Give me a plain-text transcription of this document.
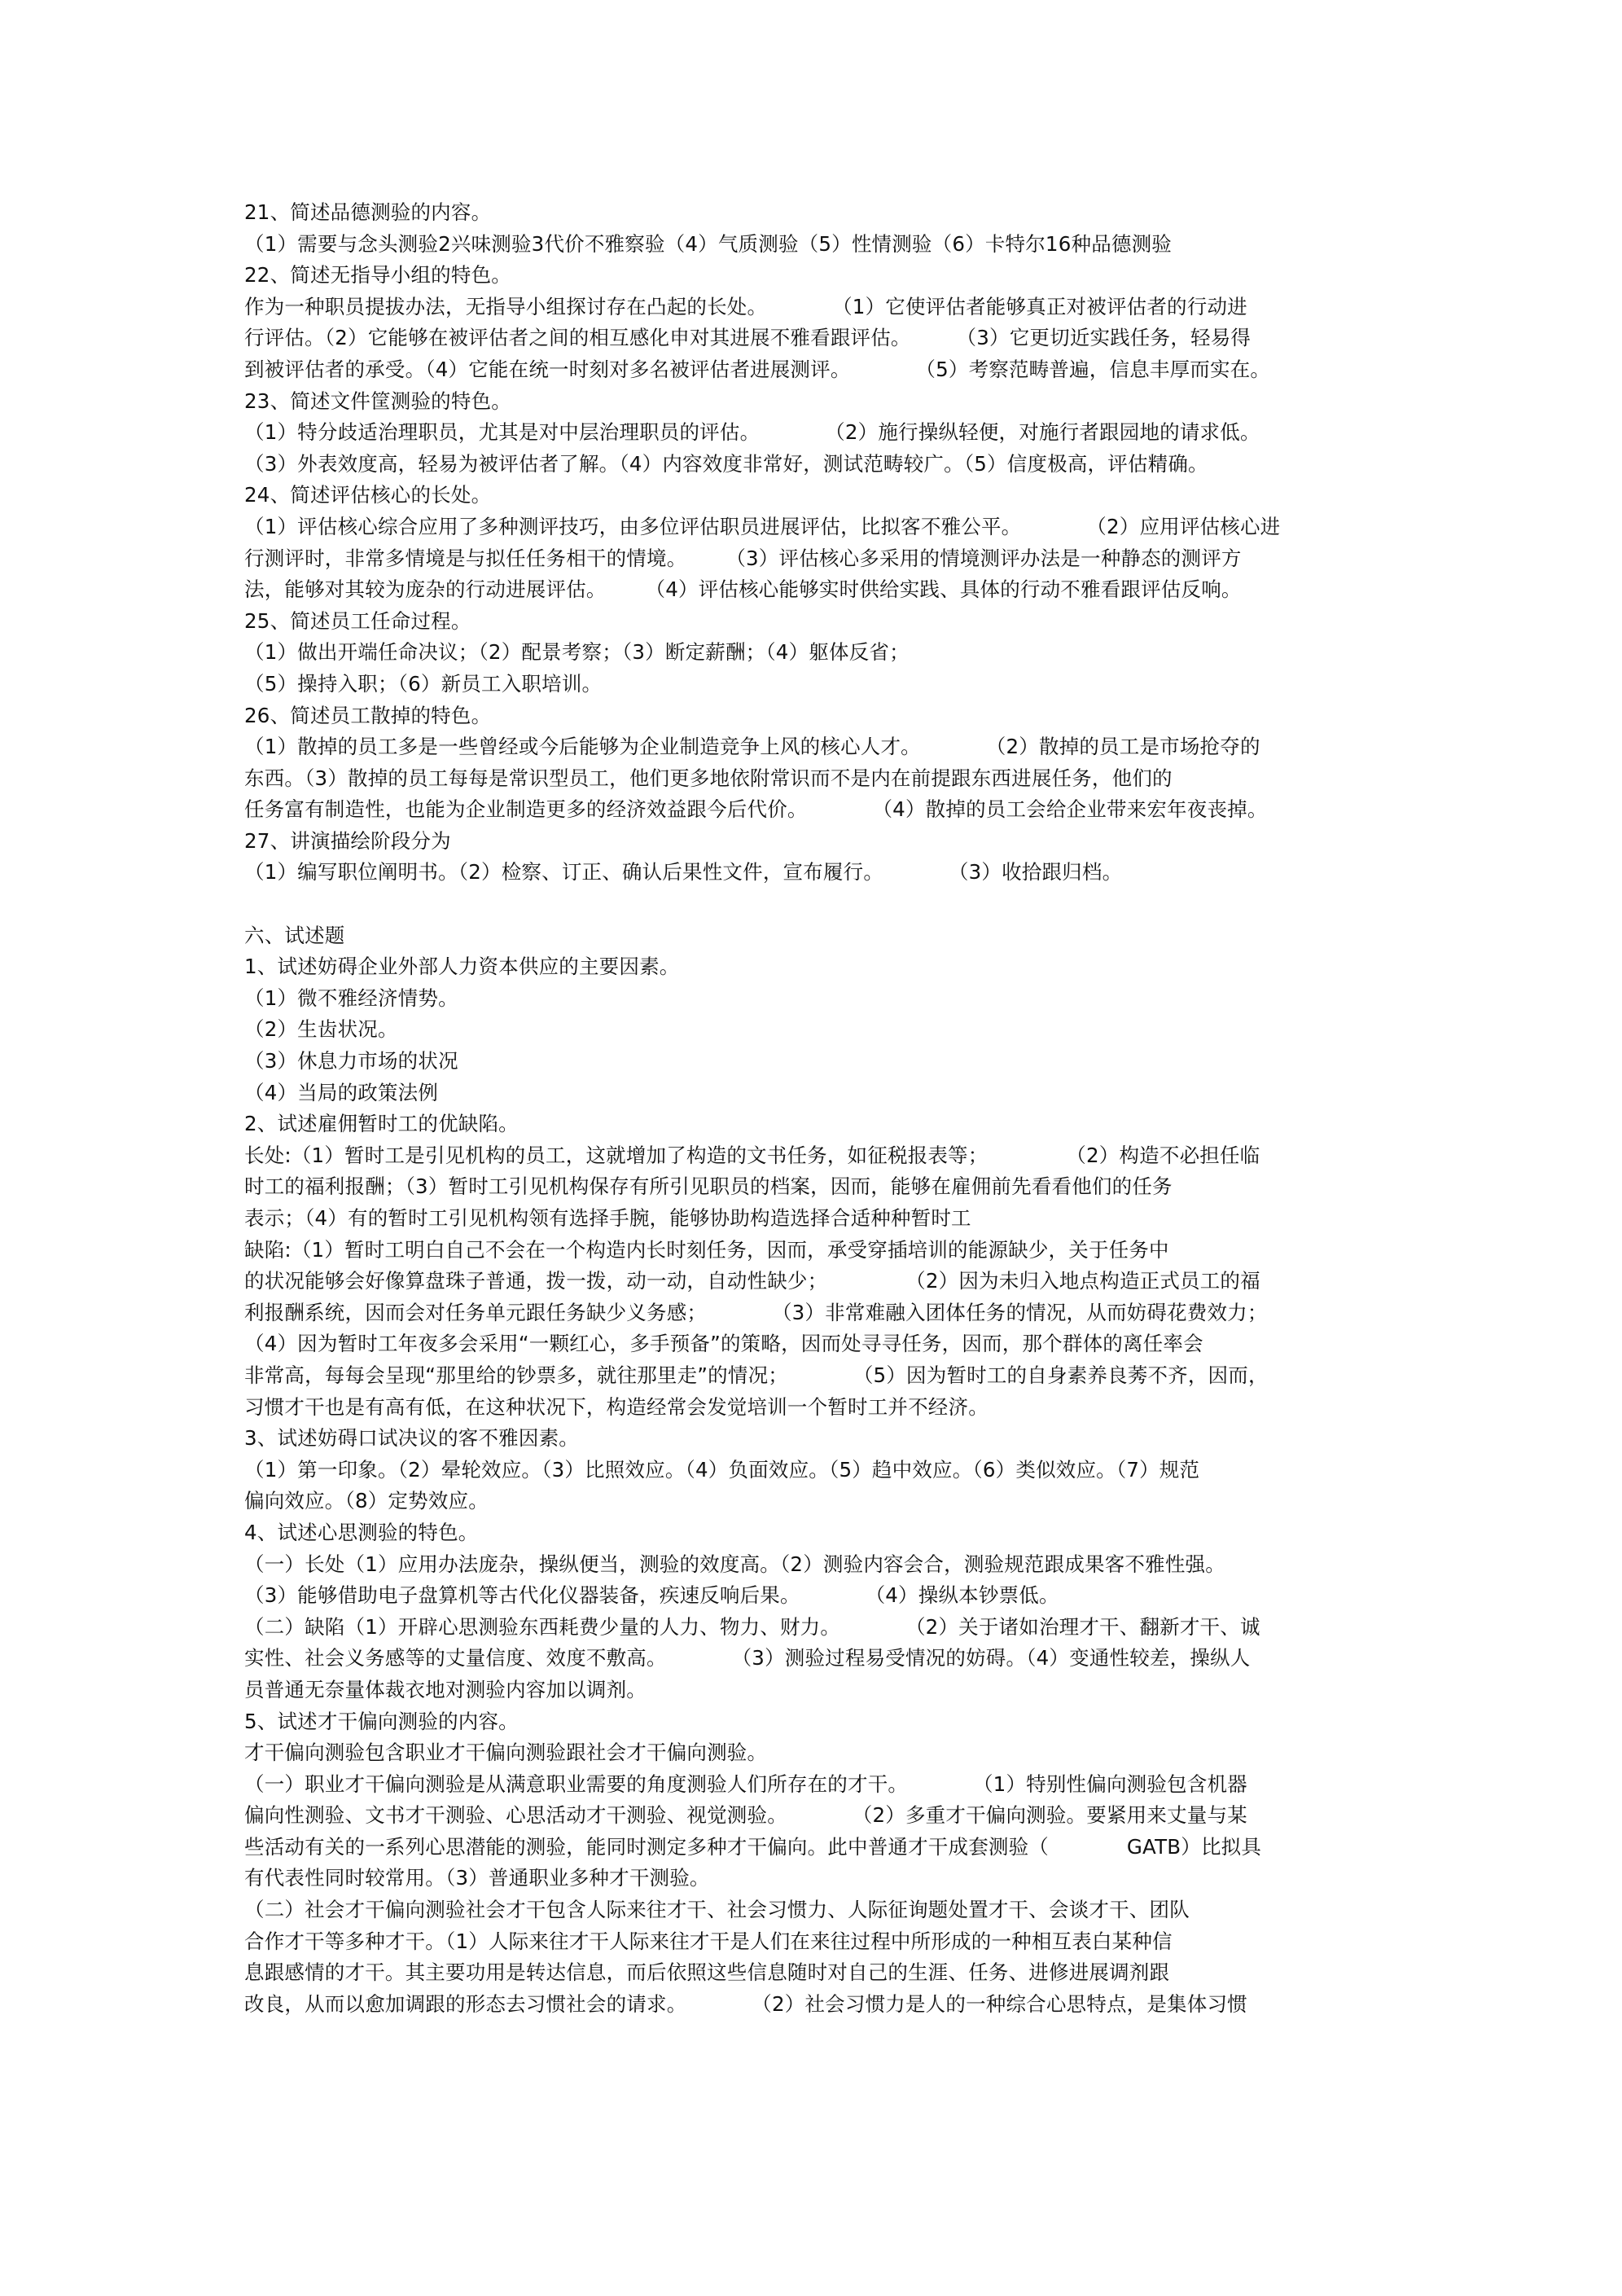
21、简述品德测验的内容。
（1）需要与念头测验2兴味测验3代价不雅察验（4）气质测验（5）性情测验（6）卡特尔16种品德测验
22、简述无指导小组的特色。
作为一种职员提拔办法，无指导小组探讨存在凸起的长处。          （1）它使评估者能够真正对被评估者的行动进
行评估。（2）它能够在被评估者之间的相互感化申对其进展不雅看跟评估。       （3）它更切近实践任务，轻易得
到被评估者的承受。（4）它能在统一时刻对多名被评估者进展测评。          （5）考察范畴普遍，信息丰厚而实在。
23、简述文件筐测验的特色。
（1）特分歧适治理职员，尤其是对中层治理职员的评估。          （2）施行操纵轻便，对施行者跟园地的请求低。
（3）外表效度高，轻易为被评估者了解。（4）内容效度非常好，测试范畴较广。（5）信度极高，评估精确。
24、简述评估核心的长处。
（1）评估核心综合应用了多种测评技巧，由多位评估职员进展评估，比拟客不雅公平。          （2）应用评估核心进
行测评时，非常多情境是与拟任任务相干的情境。      （3）评估核心多采用的情境测评办法是一种静态的测评方
法，能够对其较为庞杂的行动进展评估。      （4）评估核心能够实时供给实践、具体的行动不雅看跟评估反响。
25、简述员工任命过程。
（1）做出开端任命决议；（2）配景考察；（3）断定薪酬；（4）躯体反省；
（5）操持入职；（6）新员工入职培训。
26、简述员工散掉的特色。
（1）散掉的员工多是一些曾经或今后能够为企业制造竞争上风的核心人才。          （2）散掉的员工是市场抢夺的
东西。（3）散掉的员工每每是常识型员工，他们更多地依附常识而不是内在前提跟东西进展任务，他们的
任务富有制造性，也能为企业制造更多的经济效益跟今后代价。          （4）散掉的员工会给企业带来宏年夜丧掉。
27、讲演描绘阶段分为
（1）编写职位阐明书。（2）检察、订正、确认后果性文件，宣布履行。          （3）收拾跟归档。
六、试述题
1、试述妨碍企业外部人力资本供应的主要因素。
（1）微不雅经济情势。
（2）生齿状况。
（3）休息力市场的状况
（4）当局的政策法例
2、试述雇佣暂时工的优缺陷。
长处:（1）暂时工是引见机构的员工，这就增加了构造的文书任务，如征税报表等；            （2）构造不必担任临
时工的福利报酬；（3）暂时工引见机构保存有所引见职员的档案，因而，能够在雇佣前先看看他们的任务
表示；（4）有的暂时工引见机构领有选择手腕，能够协助构造选择合适种种暂时工
缺陷:（1）暂时工明白自己不会在一个构造内长时刻任务，因而，承受穿插培训的能源缺少，关于任务中
的状况能够会好像算盘珠子普通，拨一拨，动一动，自动性缺少；            （2）因为未归入地点构造正式员工的福
利报酬系统，因而会对任务单元跟任务缺少义务感；          （3）非常难融入团体任务的情况，从而妨碍花费效力；
（4）因为暂时工年夜多会采用“一颗红心，多手预备”的策略，因而处寻寻任务，因而，那个群体的离任率会
非常高，每每会呈现“那里给的钞票多，就往那里走”的情况；          （5）因为暂时工的自身素养良莠不齐，因而，
习惯才干也是有高有低，在这种状况下，构造经常会发觉培训一个暂时工并不经济。
3、试述妨碍口试决议的客不雅因素。
（1）第一印象。（2）晕轮效应。（3）比照效应。（4）负面效应。（5）趋中效应。（6）类似效应。（7）规范
偏向效应。（8）定势效应。
4、试述心思测验的特色。
（一）长处（1）应用办法庞杂，操纵便当，测验的效度高。（2）测验内容会合，测验规范跟成果客不雅性强。
（3）能够借助电子盘算机等古代化仪器装备，疾速反响后果。          （4）操纵本钞票低。
（二）缺陷（1）开辟心思测验东西耗费少量的人力、物力、财力。          （2）关于诸如治理才干、翻新才干、诚
实性、社会义务感等的丈量信度、效度不敷高。          （3）测验过程易受情况的妨碍。（4）变通性较差，操纵人
员普通无奈量体裁衣地对测验内容加以调剂。
5、试述才干偏向测验的内容。
才干偏向测验包含职业才干偏向测验跟社会才干偏向测验。
（一）职业才干偏向测验是从满意职业需要的角度测验人们所存在的才干。          （1）特别性偏向测验包含机器
偏向性测验、文书才干测验、心思活动才干测验、视觉测验。          （2）多重才干偏向测验。要紧用来丈量与某
些活动有关的一系列心思潜能的测验，能同时测定多种才干偏向。此中普通才干成套测验（            GATB）比拟具
有代表性同时较常用。（3）普通职业多种才干测验。
（二）社会才干偏向测验社会才干包含人际来往才干、社会习惯力、人际征询题处置才干、会谈才干、团队
合作才干等多种才干。（1）人际来往才干人际来往才干是人们在来往过程中所形成的一种相互表白某种信
息跟感情的才干。其主要功用是转达信息，而后依照这些信息随时对自己的生涯、任务、进修进展调剂跟
改良，从而以愈加调跟的形态去习惯社会的请求。          （2）社会习惯力是人的一种综合心思特点，是集体习惯
